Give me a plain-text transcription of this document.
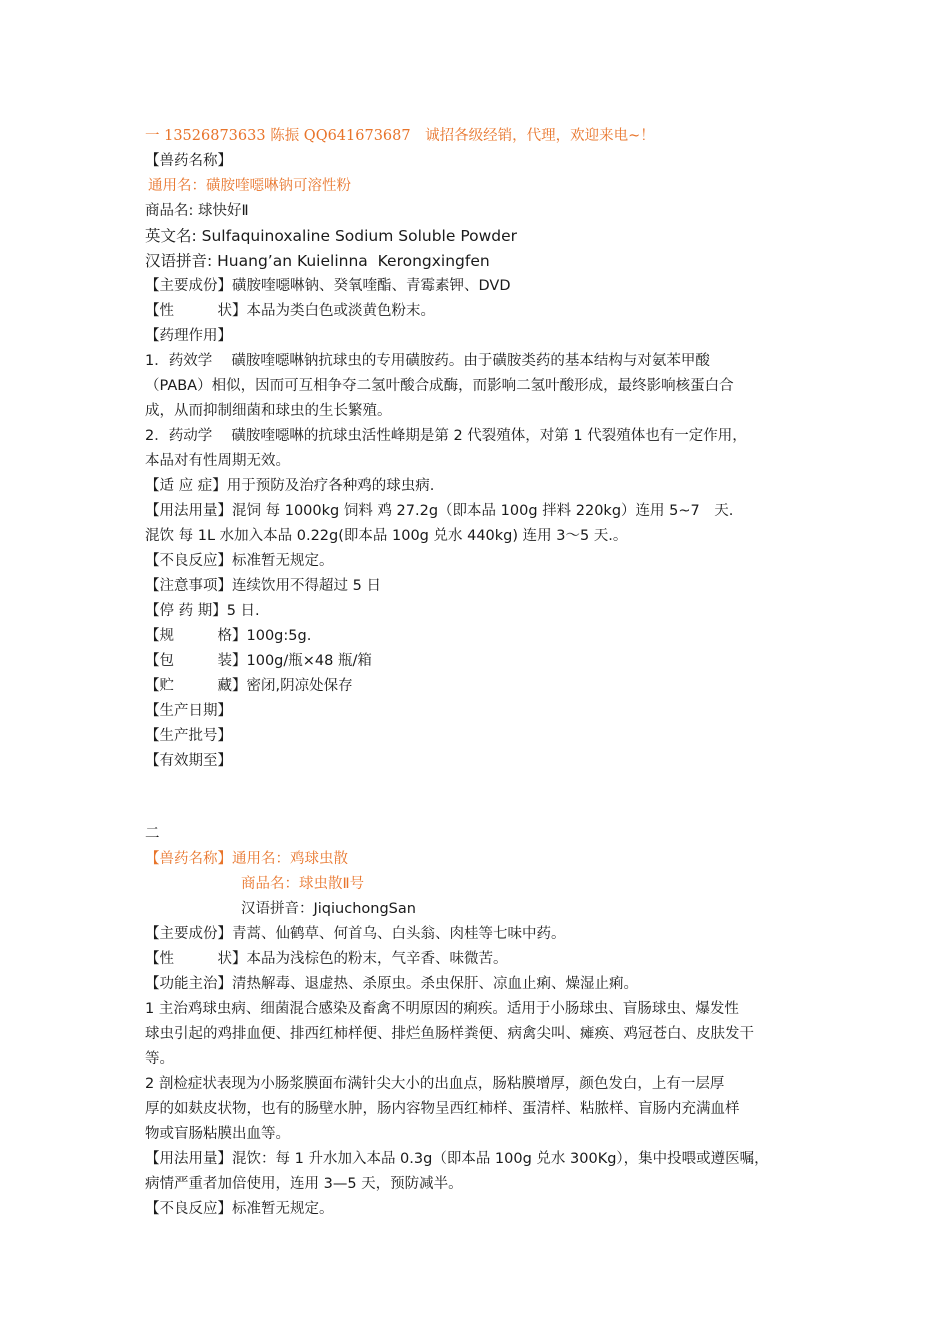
一 13526873633 陈振 QQ641673687　诚招各级经销，代理，欢迎来电~！
【兽药名称】
通用名：磺胺喹噁啉钠可溶性粉
商品名: 球快好Ⅱ
英文名: Sulfaquinoxaline Sodium Soluble Powder
汉语拼音: Huang’an Kuielinna  Kerongxingfen
【主要成份】磺胺喹噁啉钠、癸氧喹酯、青霉素钾、DVD
【性　　　状】本品为类白色或淡黄色粉末。
【药理作用】
1．药效学　 磺胺喹噁啉钠抗球虫的专用磺胺药。由于磺胺类药的基本结构与对氨苯甲酸
（PABA）相似，因而可互相争夺二氢叶酸合成酶，而影响二氢叶酸形成，最终影响核蛋白合
成，从而抑制细菌和球虫的生长繁殖。
2．药动学　 磺胺喹噁啉的抗球虫活性峰期是第 2 代裂殖体，对第 1 代裂殖体也有一定作用，
本品对有性周期无效。
【适 应 症】用于预防及治疗各种鸡的球虫病.
【用法用量】混饲 每 1000kg 饲料 鸡 27.2g（即本品 100g 拌料 220kg）连用 5~7　天.
混饮 每 1L 水加入本品 0.22g(即本品 100g 兑水 440kg) 连用 3～5 天.。
【不良反应】标准暂无规定。
【注意事项】连续饮用不得超过 5 日
【停 药 期】5 日.
【规　　　格】100g:5g.
【包　　　装】100g/瓶×48 瓶/箱
【贮　　　藏】密闭,阴凉处保存
【生产日期】
【生产批号】
【有效期至】
二
【兽药名称】通用名：鸡球虫散
商品名：球虫散Ⅱ号
汉语拼音：JiqiuchongSan
【主要成份】青蒿、仙鹤草、何首乌、白头翁、肉桂等七味中药。
【性　　　状】本品为浅棕色的粉末，气辛香、味微苦。
【功能主治】清热解毒、退虚热、杀原虫。杀虫保肝、凉血止痢、燥湿止痢。
1 主治鸡球虫病、细菌混合感染及畜禽不明原因的痢疾。适用于小肠球虫、盲肠球虫、爆发性
球虫引起的鸡排血便、排西红柿样便、排烂鱼肠样粪便、病禽尖叫、瘫痪、鸡冠苍白、皮肤发干
等。
2 剖检症状表现为小肠浆膜面布满针尖大小的出血点，肠粘膜增厚，颜色发白，上有一层厚
厚的如麸皮状物，也有的肠壁水肿，肠内容物呈西红柿样、蛋清样、粘脓样、盲肠内充满血样
物或盲肠粘膜出血等。
【用法用量】混饮：每 1 升水加入本品 0.3g（即本品 100g 兑水 300Kg），集中投喂或遵医嘱，
病情严重者加倍使用，连用 3—5 天，预防减半。
【不良反应】标准暂无规定。
